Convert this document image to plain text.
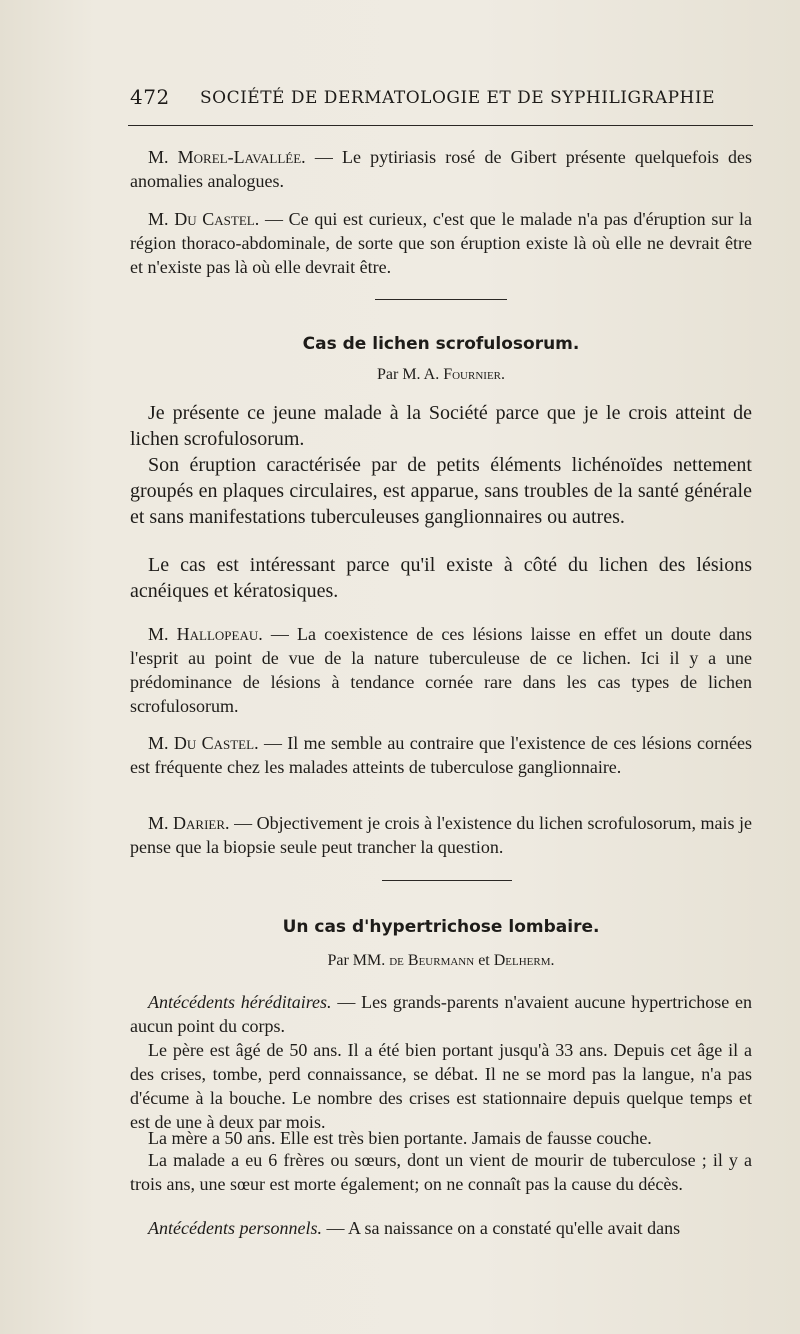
472 SOCIÉTÉ DE DERMATOLOGIE ET DE SYPHILIGRAPHIE
M. Morel-Lavallée. — Le pytiriasis rosé de Gibert présente quelquefois des anomalies analogues.
M. Du Castel. — Ce qui est curieux, c'est que le malade n'a pas d'éruption sur la région thoraco-abdominale, de sorte que son éruption existe là où elle ne devrait être et n'existe pas là où elle devrait être.
Cas de lichen scrofulosorum.
Par M. A. Fournier.
Je présente ce jeune malade à la Société parce que je le crois atteint de lichen scrofulosorum.
Son éruption caractérisée par de petits éléments lichénoïdes nettement groupés en plaques circulaires, est apparue, sans troubles de la santé générale et sans manifestations tuberculeuses ganglionnaires ou autres.
Le cas est intéressant parce qu'il existe à côté du lichen des lésions acnéiques et kératosiques.
M. Hallopeau. — La coexistence de ces lésions laisse en effet un doute dans l'esprit au point de vue de la nature tuberculeuse de ce lichen. Ici il y a une prédominance de lésions à tendance cornée rare dans les cas types de lichen scrofulosorum.
M. Du Castel. — Il me semble au contraire que l'existence de ces lésions cornées est fréquente chez les malades atteints de tuberculose ganglionnaire.
M. Darier. — Objectivement je crois à l'existence du lichen scrofulosorum, mais je pense que la biopsie seule peut trancher la question.
Un cas d'hypertrichose lombaire.
Par MM. de Beurmann et Delherm.
Antécédents héréditaires. — Les grands-parents n'avaient aucune hypertrichose en aucun point du corps.
Le père est âgé de 50 ans. Il a été bien portant jusqu'à 33 ans. Depuis cet âge il a des crises, tombe, perd connaissance, se débat. Il ne se mord pas la langue, n'a pas d'écume à la bouche. Le nombre des crises est stationnaire depuis quelque temps et est de une à deux par mois.
La mère a 50 ans. Elle est très bien portante. Jamais de fausse couche.
La malade a eu 6 frères ou sœurs, dont un vient de mourir de tuberculose ; il y a trois ans, une sœur est morte également; on ne connaît pas la cause du décès.
Antécédents personnels. — A sa naissance on a constaté qu'elle avait dans
